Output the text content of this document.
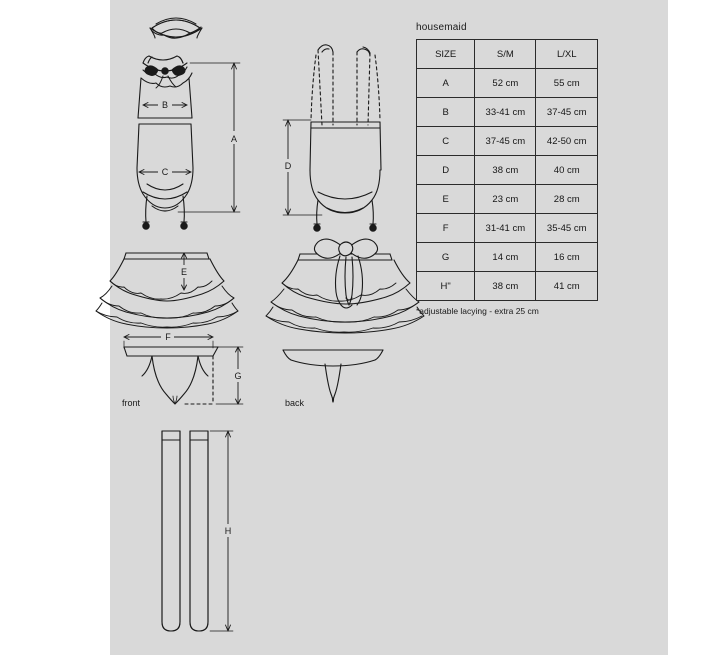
B
C
A
D
E
F
G
H
front	back
housemaid
SIZE	S/M	L/XL
A	52 cm	55 cm
B	33-41 cm	37-45 cm
C	37-45 cm	42-50 cm
D	38 cm	40 cm
E	23 cm	28 cm
F	31-41 cm	35-45 cm
G	14 cm	16 cm
H"	38 cm	41 cm
*adjustable lacying - extra 25 cm
